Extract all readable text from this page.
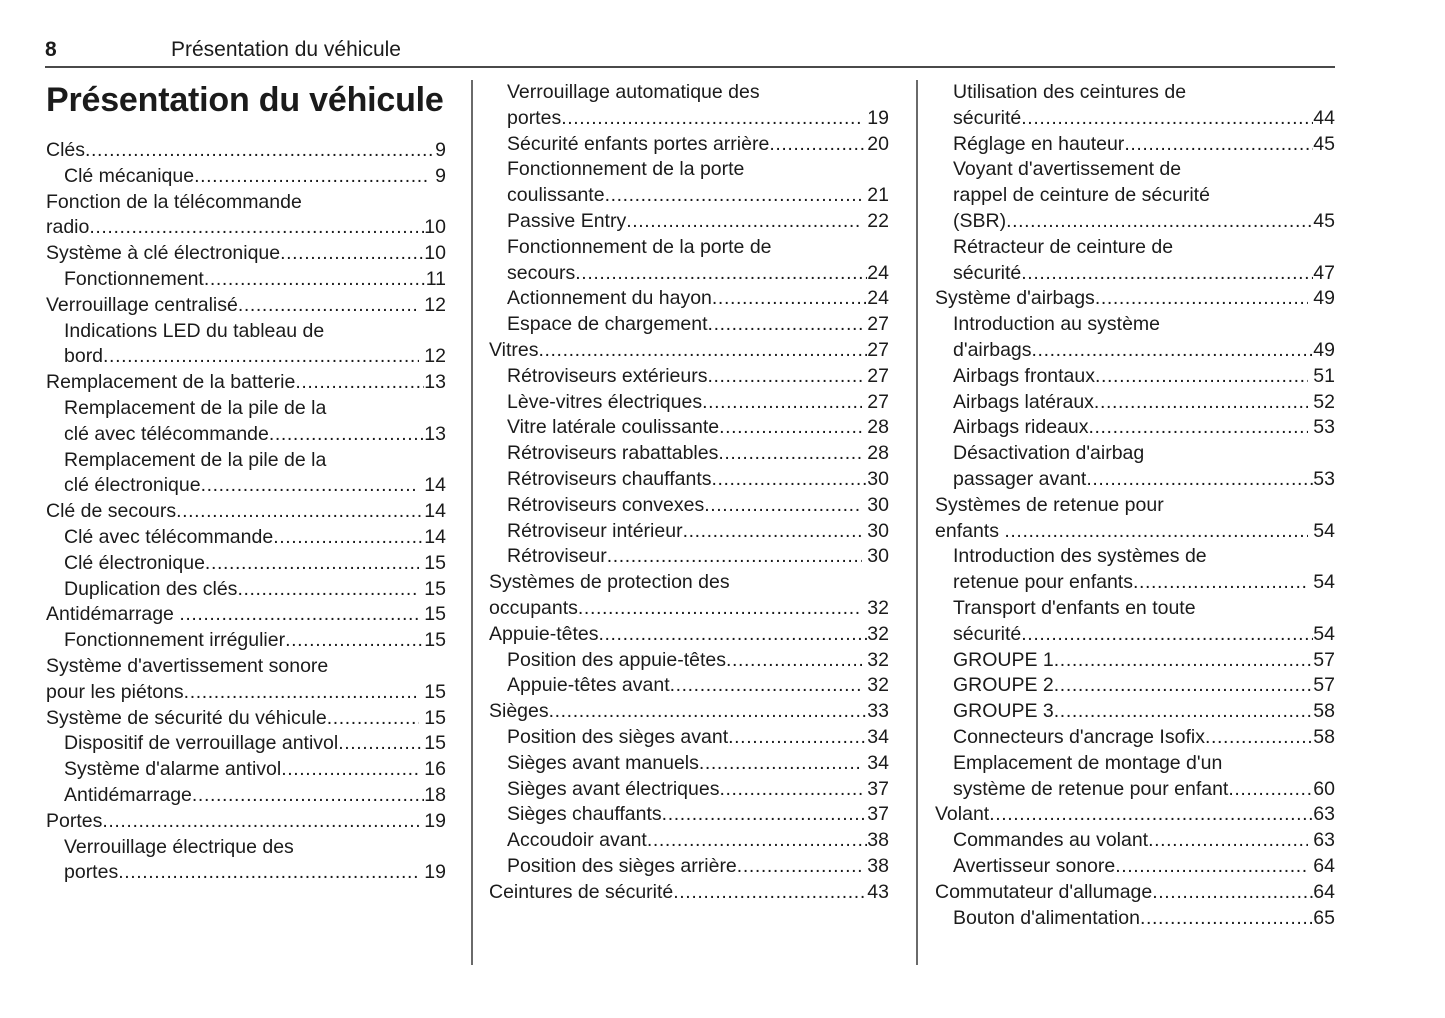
8	Présentation du véhicule
Présentation du véhicule
Clés .....	9
Clé mécanique .....	9
Fonction de la télécommande
radio .....	10
Système à clé électronique .....	10
Fonctionnement .....	11
Verrouillage centralisé .....	12
Indications LED du tableau de
bord .....	12
Remplacement de la batterie .....	13
Remplacement de la pile de la
clé avec télécommande .....	13
Remplacement de la pile de la
clé électronique .....	14
Clé de secours .....	14
Clé avec télécommande .....	14
Clé électronique .....	15
Duplication des clés .....	15
Antidémarrage .....	15
Fonctionnement irrégulier .....	15
Système d'avertissement sonore
pour les piétons .....	15
Système de sécurité du véhicule .....	15
Dispositif de verrouillage antivol .....	15
Système d'alarme antivol .....	16
Antidémarrage .....	18
Portes .....	19
Verrouillage électrique des
portes .....	19
Verrouillage automatique des
portes .....	19
Sécurité enfants portes arrière .....	20
Fonctionnement de la porte
coulissante .....	21
Passive Entry .....	22
Fonctionnement de la porte de
secours .....	24
Actionnement du hayon .....	24
Espace de chargement .....	27
Vitres .....	27
Rétroviseurs extérieurs .....	27
Lève-vitres électriques .....	27
Vitre latérale coulissante .....	28
Rétroviseurs rabattables .....	28
Rétroviseurs chauffants .....	30
Rétroviseurs convexes .....	30
Rétroviseur intérieur .....	30
Rétroviseur .....	30
Systèmes de protection des
occupants .....	32
Appuie-têtes .....	32
Position des appuie-têtes .....	32
Appuie-têtes avant .....	32
Sièges .....	33
Position des sièges avant .....	34
Sièges avant manuels .....	34
Sièges avant électriques .....	37
Sièges chauffants .....	37
Accoudoir avant .....	38
Position des sièges arrière .....	38
Ceintures de sécurité .....	43
Utilisation des ceintures de
sécurité .....	44
Réglage en hauteur .....	45
Voyant d'avertissement de
rappel de ceinture de sécurité
(SBR) .....	45
Rétracteur de ceinture de
sécurité .....	47
Système d'airbags .....	49
Introduction au système
d'airbags .....	49
Airbags frontaux .....	51
Airbags latéraux .....	52
Airbags rideaux .....	53
Désactivation d'airbag
passager avant .....	53
Systèmes de retenue pour
enfants .....	54
Introduction des systèmes de
retenue pour enfants .....	54
Transport d'enfants en toute
sécurité .....	54
GROUPE 1 .....	57
GROUPE 2 .....	57
GROUPE 3 .....	58
Connecteurs d'ancrage Isofix .....	58
Emplacement de montage d'un
système de retenue pour enfant .....	60
Volant .....	63
Commandes au volant .....	63
Avertisseur sonore .....	64
Commutateur d'allumage .....	64
Bouton d'alimentation .....	65
